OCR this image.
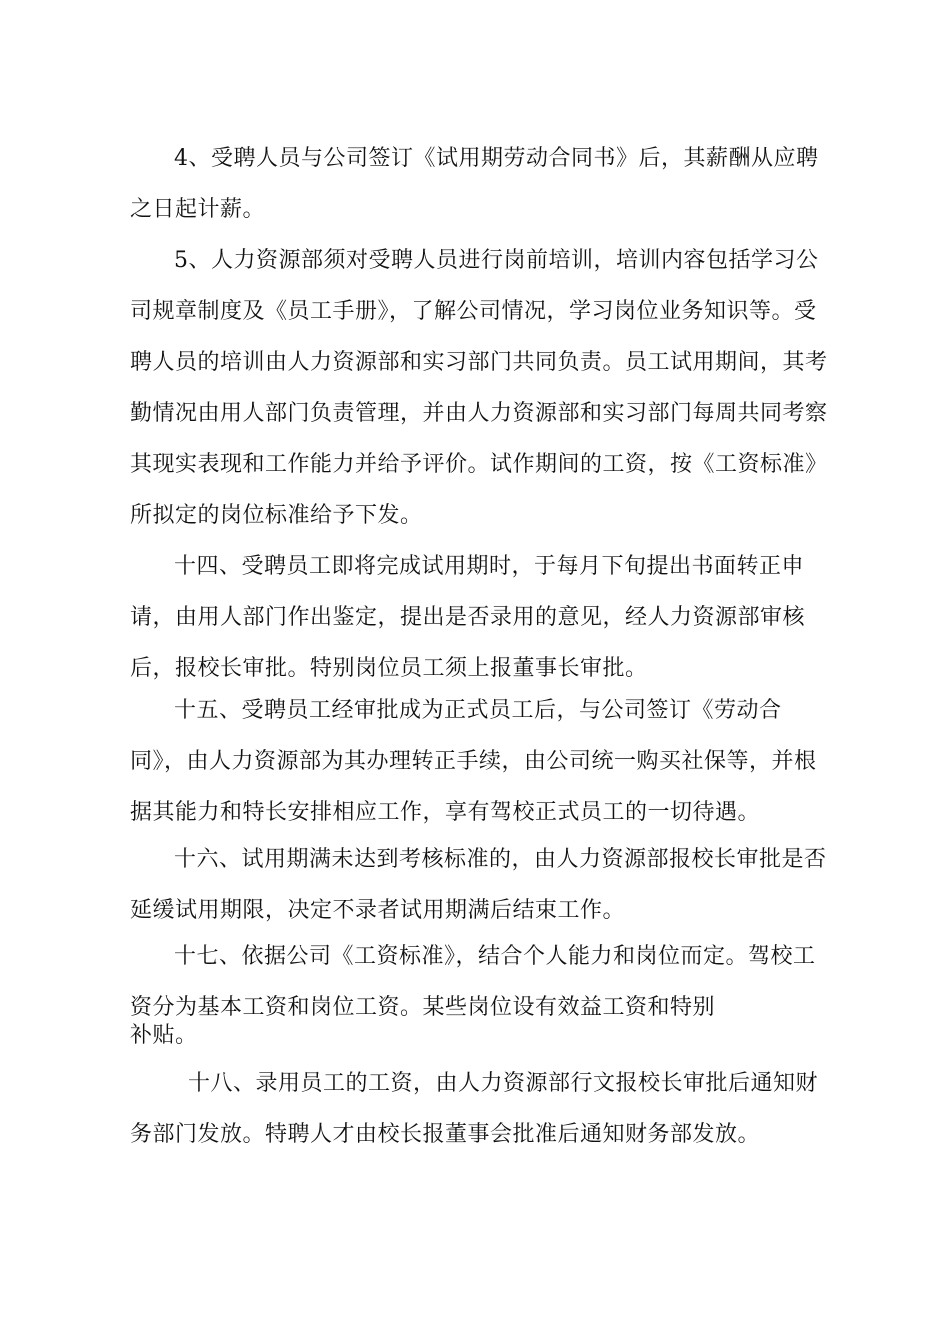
4、受聘人员与公司签订《试用期劳动合同书》后，其薪酬从应聘
之日起计薪。
5、人力资源部须对受聘人员进行岗前培训，培训内容包括学习公
司规章制度及《员工手册》，了解公司情况，学习岗位业务知识等。受
聘人员的培训由人力资源部和实习部门共同负责。员工试用期间，其考
勤情况由用人部门负责管理，并由人力资源部和实习部门每周共同考察
其现实表现和工作能力并给予评价。试作期间的工资，按《工资标准》
所拟定的岗位标准给予下发。
十四、受聘员工即将完成试用期时，于每月下旬提出书面转正申
请，由用人部门作出鉴定，提出是否录用的意见，经人力资源部审核
后，报校长审批。特别岗位员工须上报董事长审批。
十五、受聘员工经审批成为正式员工后，与公司签订《劳动合
同》，由人力资源部为其办理转正手续，由公司统一购买社保等，并根
据其能力和特长安排相应工作，享有驾校正式员工的一切待遇。
十六、试用期满未达到考核标准的，由人力资源部报校长审批是否
延缓试用期限，决定不录者试用期满后结束工作。
十七、依据公司《工资标准》，结合个人能力和岗位而定。驾校工
资分为基本工资和岗位工资。某些岗位设有效益工资和特别
补贴。
十八、录用员工的工资，由人力资源部行文报校长审批后通知财
务部门发放。特聘人才由校长报董事会批准后通知财务部发放。
